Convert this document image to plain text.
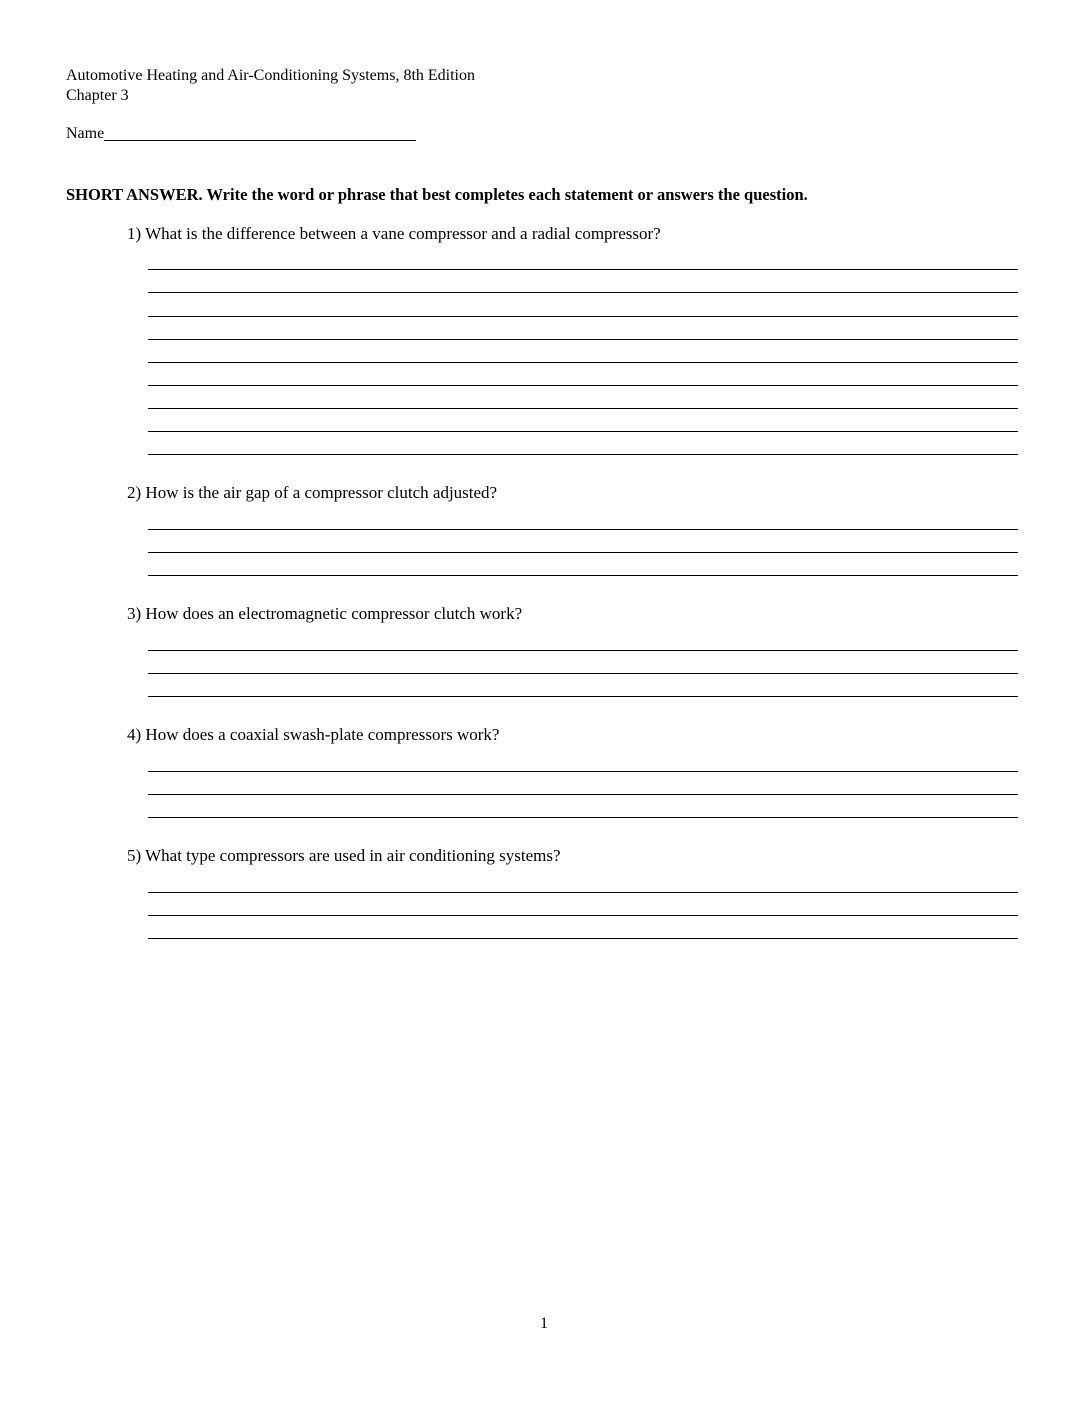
Automotive Heating and Air-Conditioning Systems, 8th Edition
Chapter 3
Name
SHORT ANSWER. Write the word or phrase that best completes each statement or answers the question.
1) What is the difference between a vane compressor and a radial compressor?
2) How is the air gap of a compressor clutch adjusted?
3) How does an electromagnetic compressor clutch work?
4) How does a coaxial swash-plate compressors work?
5) What type compressors are used in air conditioning systems?
1
